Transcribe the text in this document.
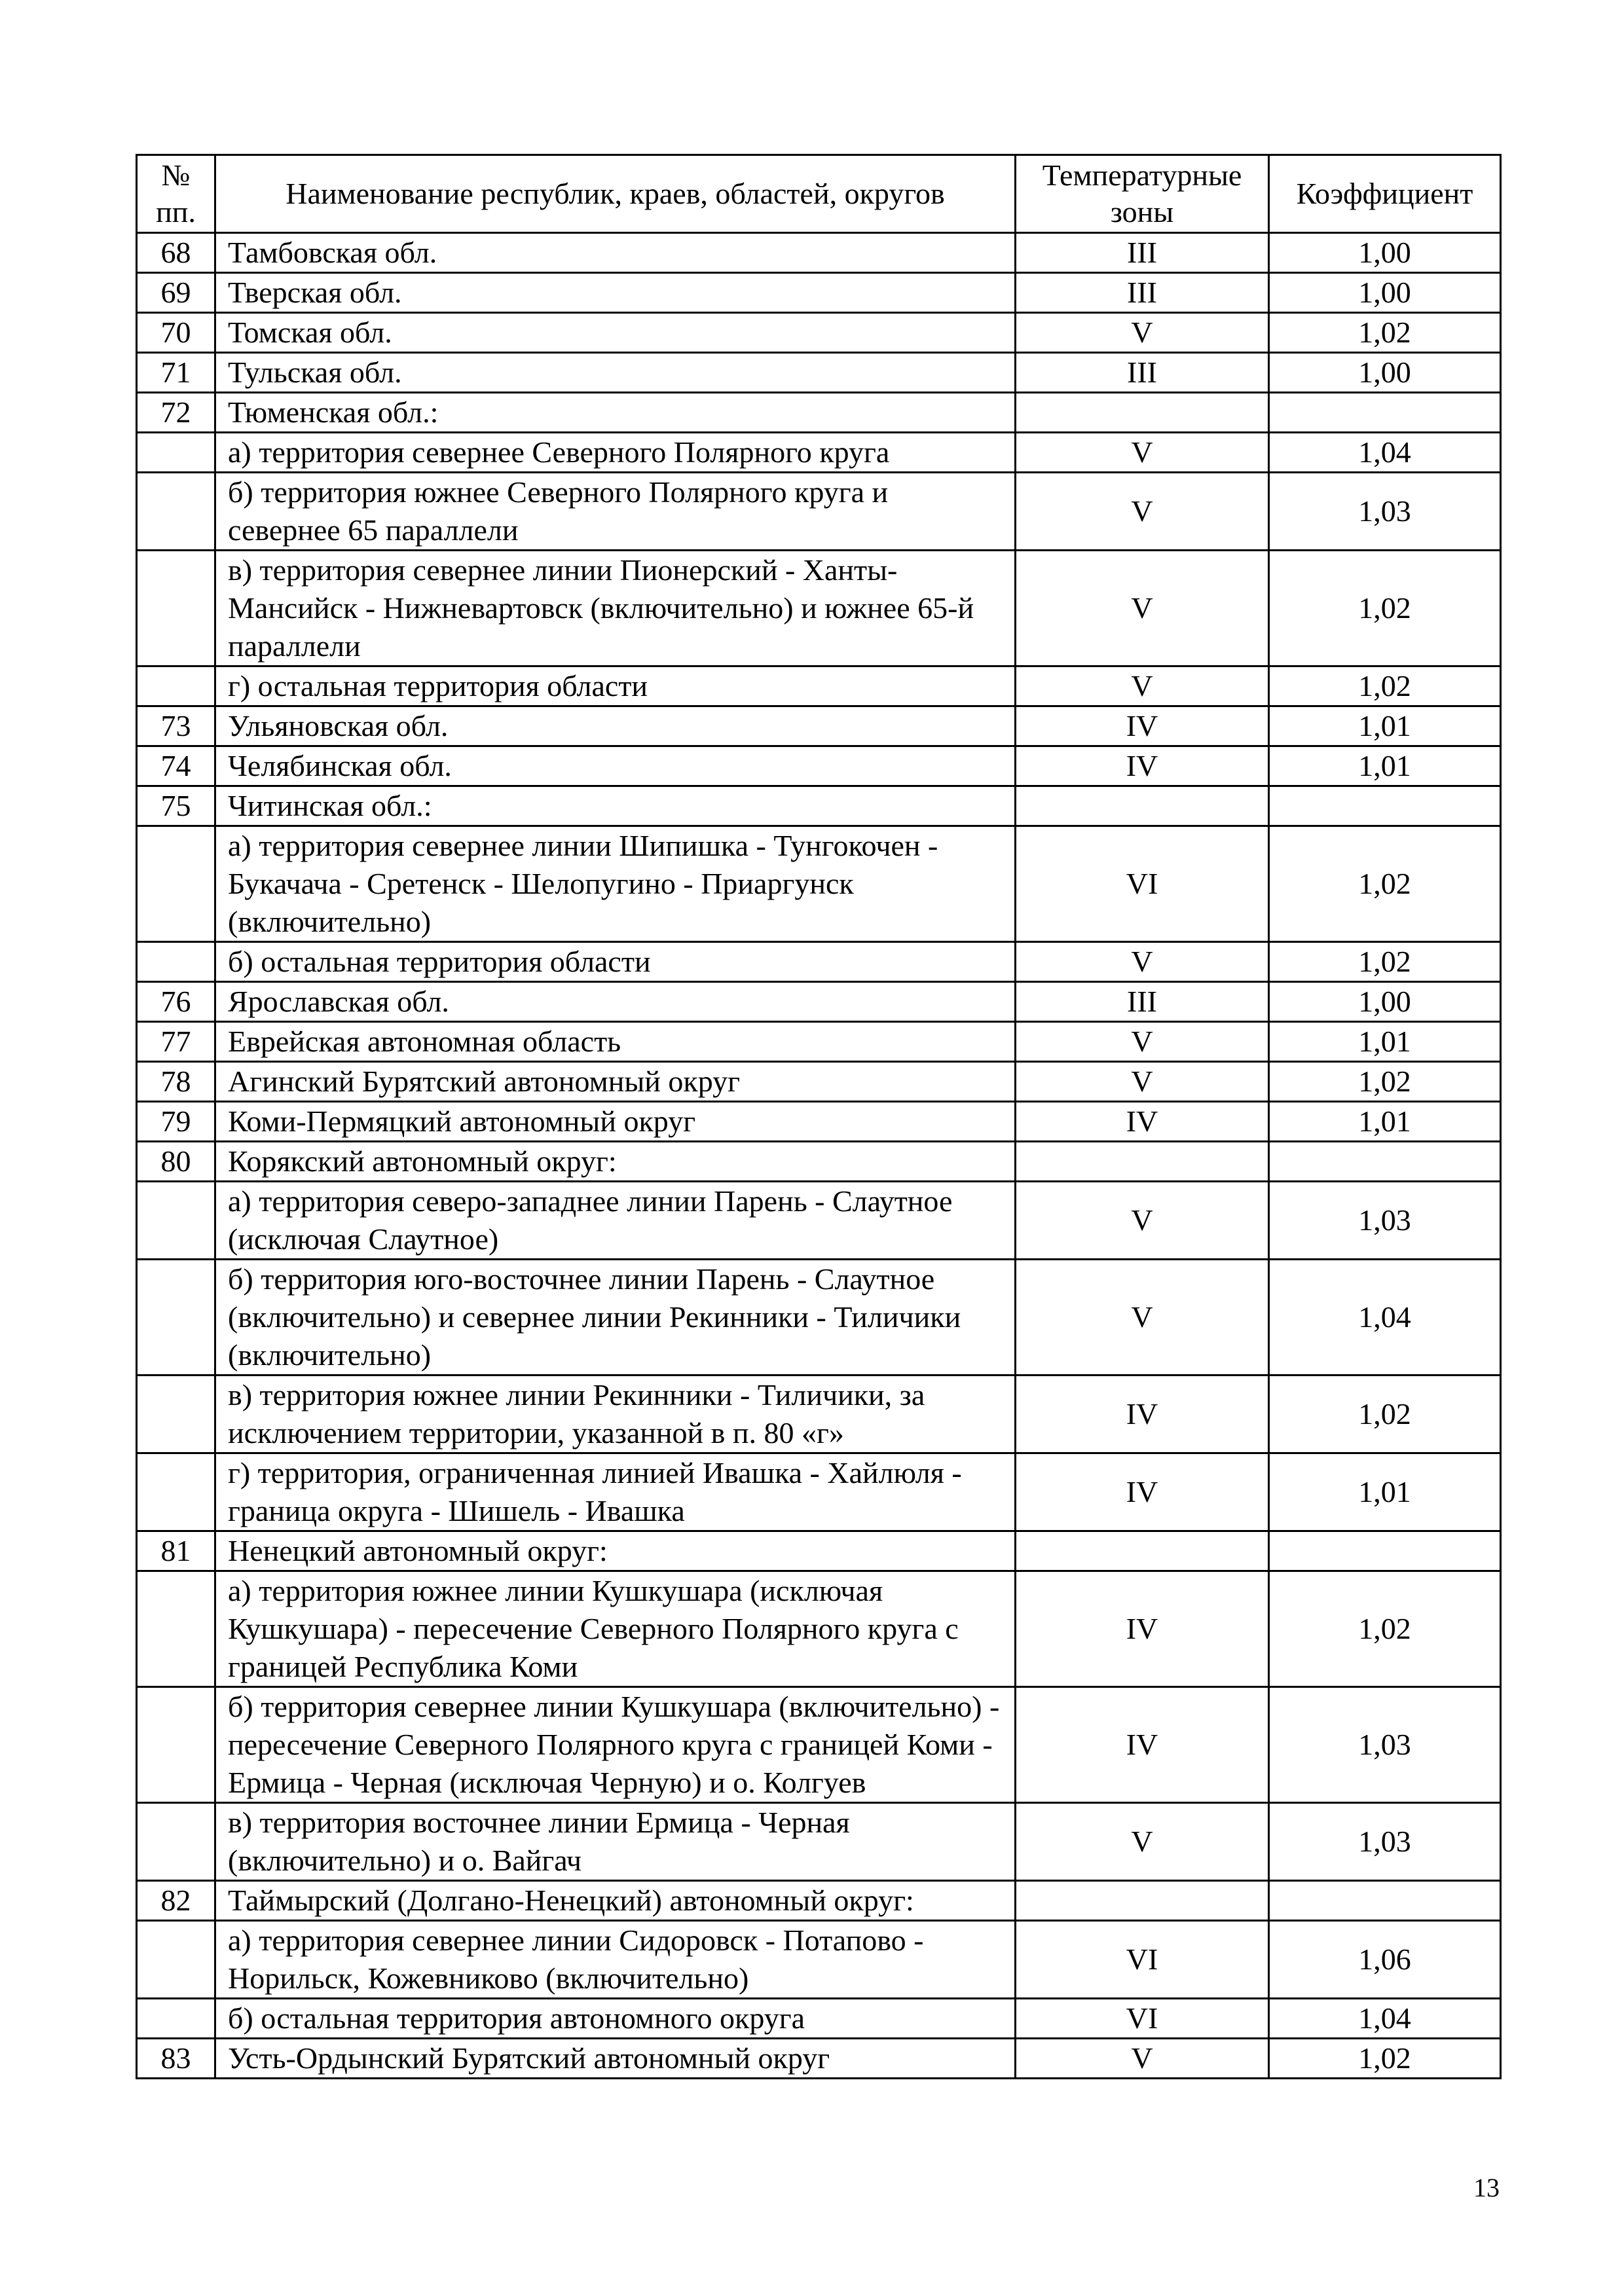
№ пп.	Наименование республик, краев, областей, округов	Температурные зоны	Коэффициент
68	Тамбовская обл.	III	1,00
69	Тверская обл.	III	1,00
70	Томская обл.	V	1,02
71	Тульская обл.	III	1,00
72	Тюменская обл.:		
	а) территория севернее Северного Полярного круга	V	1,04
	б) территория южнее Северного Полярного круга и севернее 65 параллели	V	1,03
	в) территория севернее линии Пионерский - Ханты-Мансийск - Нижневартовск (включительно) и южнее 65-й параллели	V	1,02
	г) остальная территория области	V	1,02
73	Ульяновская обл.	IV	1,01
74	Челябинская обл.	IV	1,01
75	Читинская обл.:		
	а) территория севернее линии Шипишка - Тунгокочен - Букачача - Сретенск - Шелопугино - Приаргунск (включительно)	VI	1,02
	б) остальная территория области	V	1,02
76	Ярославская обл.	III	1,00
77	Еврейская автономная область	V	1,01
78	Агинский Бурятский автономный округ	V	1,02
79	Коми-Пермяцкий автономный округ	IV	1,01
80	Корякский автономный округ:		
	а) территория северо-западнее линии Парень - Слаутное (исключая Слаутное)	V	1,03
	б) территория юго-восточнее линии Парень - Слаутное (включительно) и севернее линии Рекинники - Тиличики (включительно)	V	1,04
	в) территория южнее линии Рекинники - Тиличики, за исключением территории, указанной в п. 80 «г»	IV	1,02
	г) территория, ограниченная линией Ивашка - Хайлюля - граница округа - Шишель - Ивашка	IV	1,01
81	Ненецкий автономный округ:		
	а) территория южнее линии Кушкушара (исключая Кушкушара) - пересечение Северного Полярного круга с границей Республика Коми	IV	1,02
	б) территория севернее линии Кушкушара (включительно) - пересечение Северного Полярного круга с границей Коми - Ермица - Черная (исключая Черную) и о. Колгуев	IV	1,03
	в) территория восточнее линии Ермица - Черная (включительно) и о. Вайгач	V	1,03
82	Таймырский (Долгано-Ненецкий) автономный округ:		
	а) территория севернее линии Сидоровск - Потапово - Норильск, Кожевниково (включительно)	VI	1,06
	б) остальная территория автономного округа	VI	1,04
83	Усть-Ордынский Бурятский автономный округ	V	1,02
13
